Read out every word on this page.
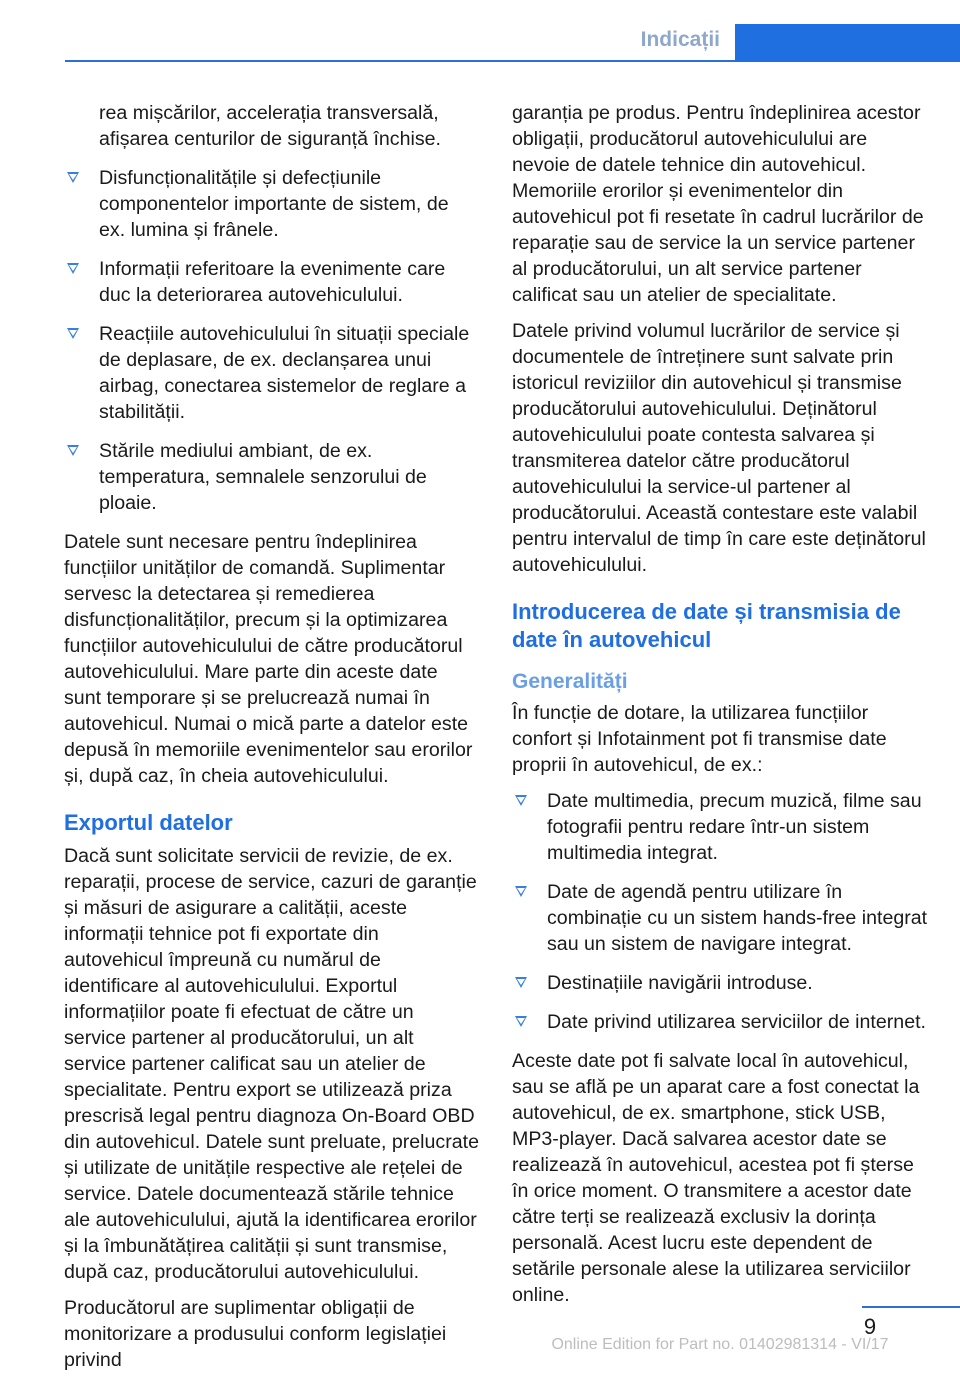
Indicații
rea mișcărilor, accelerația transversală, afișarea centurilor de siguranță închise.
Disfuncționalitățile și defecțiunile componentelor importante de sistem, de ex. lumina și frânele.
Informații referitoare la evenimente care duc la deteriorarea autovehiculului.
Reacțiile autovehiculului în situații speciale de deplasare, de ex. declanșarea unui airbag, conectarea sistemelor de reglare a stabilității.
Stările mediului ambiant, de ex. temperatura, semnalele senzorului de ploaie.

Datele sunt necesare pentru îndeplinirea funcțiilor unităților de comandă. Suplimentar servesc la detectarea și remedierea disfuncționalităților, precum și la optimizarea funcțiilor autovehiculului de către producătorul autovehiculului. Mare parte din aceste date sunt temporare și se prelucrează numai în autovehicul. Numai o mică parte a datelor este depusă în memoriile evenimentelor sau erorilor și, după caz, în cheia autovehiculului.

Exportul datelor

Dacă sunt solicitate servicii de revizie, de ex. reparații, procese de service, cazuri de garanție și măsuri de asigurare a calității, aceste informații tehnice pot fi exportate din autovehicul împreună cu numărul de identificare al autovehiculului. Exportul informațiilor poate fi efectuat de către un service partener al producătorului, un alt service partener calificat sau un atelier de specialitate. Pentru export se utilizează priza prescrisă legal pentru diagnoza On-Board OBD din autovehicul. Datele sunt preluate, prelucrate și utilizate de unitățile respective ale rețelei de service. Datele documentează stările tehnice ale autovehiculului, ajută la identificarea erorilor și la îmbunătățirea calității și sunt transmise, după caz, producătorului autovehiculului.

Producătorul are suplimentar obligații de monitorizare a produsului conform legislației privind

garanția pe produs. Pentru îndeplinirea acestor obligații, producătorul autovehiculului are nevoie de datele tehnice din autovehicul. Memoriile erorilor și evenimentelor din autovehicul pot fi resetate în cadrul lucrărilor de reparație sau de service la un service partener al producătorului, un alt service partener calificat sau un atelier de specialitate.

Datele privind volumul lucrărilor de service și documentele de întreținere sunt salvate prin istoricul reviziilor din autovehicul și transmise producătorului autovehiculului. Deținătorul autovehiculului poate contesta salvarea și transmiterea datelor către producătorul autovehiculului la service-ul partener al producătorului. Această contestare este valabil pentru intervalul de timp în care este deținătorul autovehiculului.

Introducerea de date și transmisia de date în autovehicul
Generalități

În funcție de dotare, la utilizarea funcțiilor confort și Infotainment pot fi transmise date proprii în autovehicul, de ex.:

Date multimedia, precum muzică, filme sau fotografii pentru redare într-un sistem multimedia integrat.
Date de agendă pentru utilizare în combinație cu un sistem hands-free integrat sau un sistem de navigare integrat.
Destinațiile navigării introduse.
Date privind utilizarea serviciilor de internet.

Aceste date pot fi salvate local în autovehicul, sau se află pe un aparat care a fost conectat la autovehicul, de ex. smartphone, stick USB, MP3-player. Dacă salvarea acestor date se realizează în autovehicul, acestea pot fi șterse în orice moment. O transmitere a acestor date către terți se realizează exclusiv la dorința personală. Acest lucru este dependent de setările personale alese la utilizarea serviciilor online.

9
Online Edition for Part no. 01402981314 - VI/17
